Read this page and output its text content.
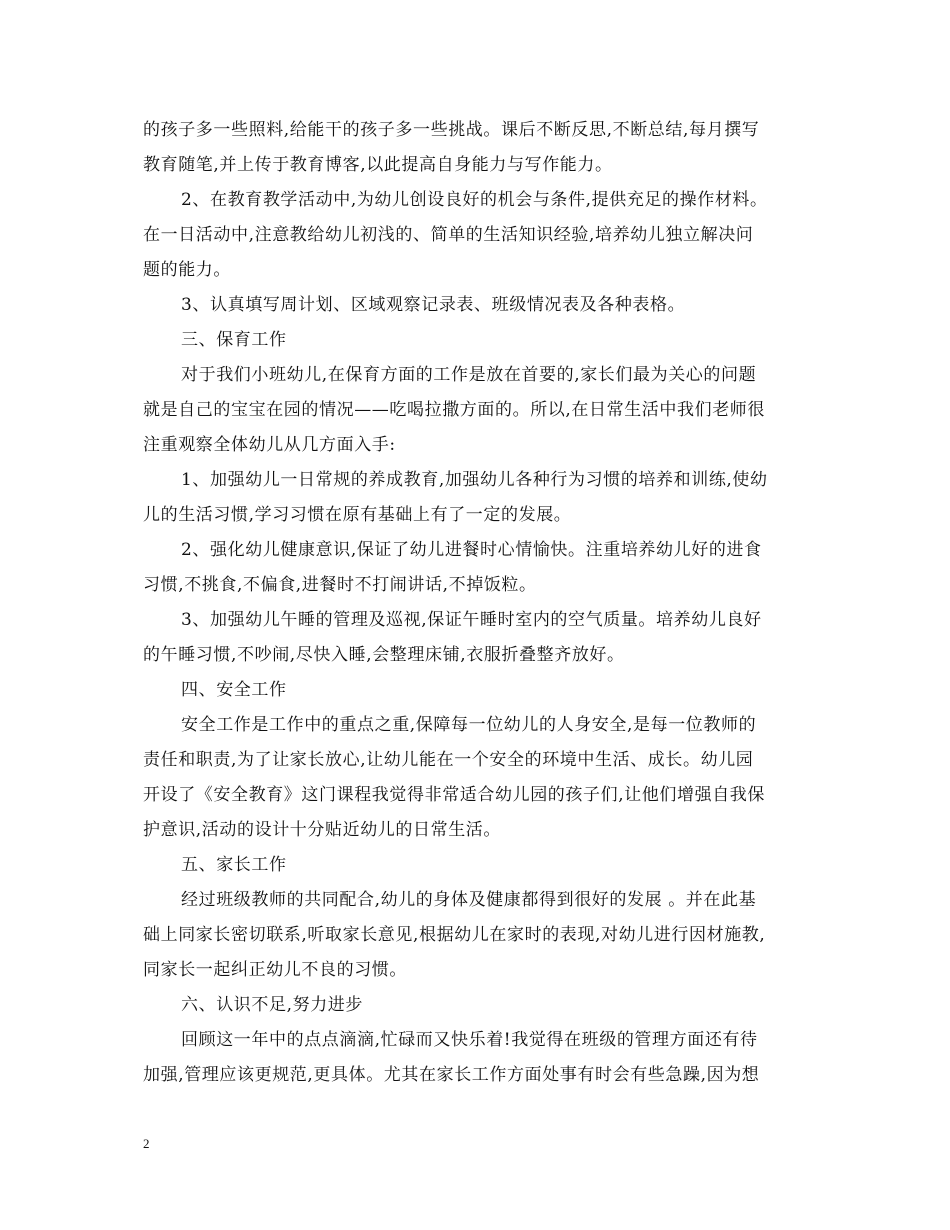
的孩子多一些照料,给能干的孩子多一些挑战。课后不断反思,不断总结,每月撰写
教育随笔,并上传于教育博客,以此提高自身能力与写作能力。
2、在教育教学活动中,为幼儿创设良好的机会与条件,提供充足的操作材料。
在一日活动中,注意教给幼儿初浅的、简单的生活知识经验,培养幼儿独立解决问
题的能力。
3、认真填写周计划、区域观察记录表、班级情况表及各种表格。
三、保育工作
对于我们小班幼儿,在保育方面的工作是放在首要的,家长们最为关心的问题
就是自己的宝宝在园的情况——吃喝拉撒方面的。所以,在日常生活中我们老师很
注重观察全体幼儿从几方面入手:
1、加强幼儿一日常规的养成教育,加强幼儿各种行为习惯的培养和训练,使幼
儿的生活习惯,学习习惯在原有基础上有了一定的发展。
2、强化幼儿健康意识,保证了幼儿进餐时心情愉快。注重培养幼儿好的进食
习惯,不挑食,不偏食,进餐时不打闹讲话,不掉饭粒。
3、加强幼儿午睡的管理及巡视,保证午睡时室内的空气质量。培养幼儿良好
的午睡习惯,不吵闹,尽快入睡,会整理床铺,衣服折叠整齐放好。
四、安全工作
安全工作是工作中的重点之重,保障每一位幼儿的人身安全,是每一位教师的
责任和职责,为了让家长放心,让幼儿能在一个安全的环境中生活、成长。幼儿园
开设了《安全教育》这门课程我觉得非常适合幼儿园的孩子们,让他们增强自我保
护意识,活动的设计十分贴近幼儿的日常生活。
五、家长工作
经过班级教师的共同配合,幼儿的身体及健康都得到很好的发展 。并在此基
础上同家长密切联系,听取家长意见,根据幼儿在家时的表现,对幼儿进行因材施教,
同家长一起纠正幼儿不良的习惯。
六、认识不足,努力进步
回顾这一年中的点点滴滴,忙碌而又快乐着!我觉得在班级的管理方面还有待
加强,管理应该更规范,更具体。尤其在家长工作方面处事有时会有些急躁,因为想
2
